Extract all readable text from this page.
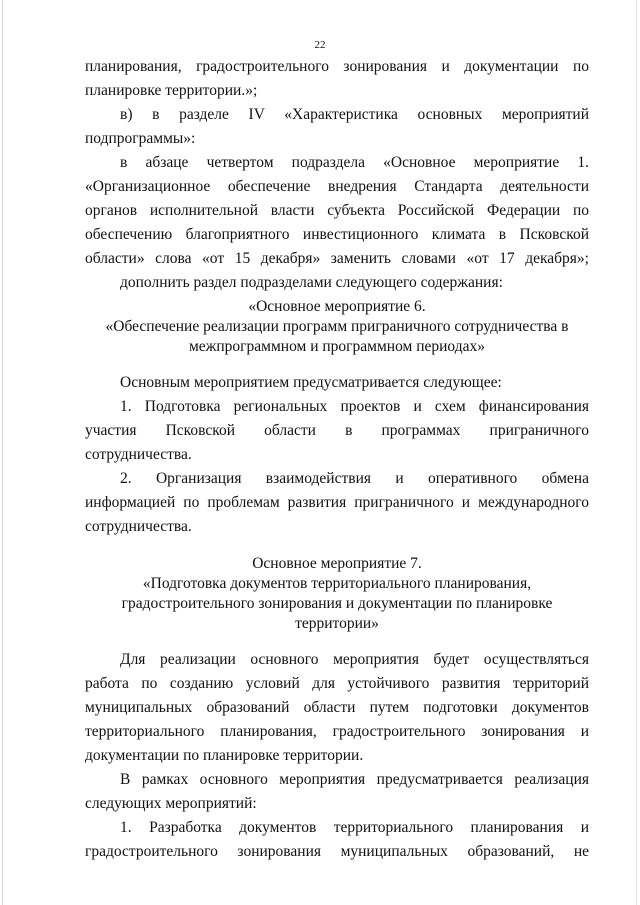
22
планирования, градостроительного зонирования и документации по
планировке территории.»;
в) в разделе IV «Характеристика основных мероприятий
подпрограммы»:
в абзаце четвертом подраздела «Основное мероприятие 1.
«Организационное обеспечение внедрения Стандарта деятельности
органов исполнительной власти субъекта Российской Федерации по
обеспечению благоприятного инвестиционного климата в Псковской
области» слова «от 15 декабря» заменить словами «от 17 декабря»;
дополнить раздел подразделами следующего содержания:
«Основное мероприятие 6.
«Обеспечение реализации программ приграничного сотрудничества в
межпрограммном и программном периодах»
Основным мероприятием предусматривается следующее:
1. Подготовка региональных проектов и схем финансирования
участия Псковской области в программах приграничного
сотрудничества.
2. Организация взаимодействия и оперативного обмена
информацией по проблемам развития приграничного и международного
сотрудничества.
Основное мероприятие 7.
«Подготовка документов территориального планирования,
градостроительного зонирования и документации по планировке
территории»
Для реализации основного мероприятия будет осуществляться
работа по созданию условий для устойчивого развития территорий
муниципальных образований области путем подготовки документов
территориального планирования, градостроительного зонирования и
документации по планировке территории.
В рамках основного мероприятия предусматривается реализация
следующих мероприятий:
1. Разработка документов территориального планирования и
градостроительного зонирования муниципальных образований, не
